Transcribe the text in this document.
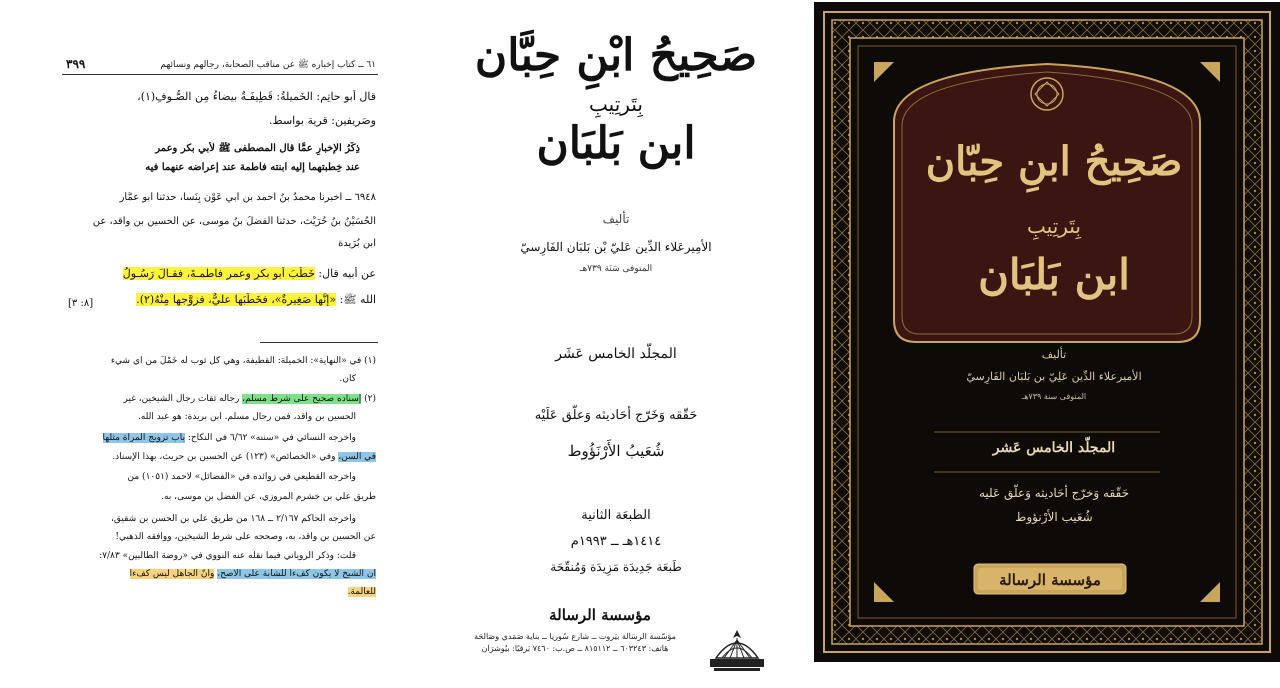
٦١ ــ كتاب إخباره ﷺ عن مناقب الصحابة، رجالهم ونسائهم
٣٩٩
قال أبو حاتِم: الخَميلةُ: قَطِيفَـةٌ بيضاءُ مِن الصُّـوفِ(١)،
وصَرِيفين: قرية بواسط.
ذِكْرُ الإخبارِ عمَّا قال المصطفى ﷺ لأبي بكر وعمر
عند خِطْبتهما إليه ابنته فاطمة عند إعراضه عنهما فيه
٦٩٤٨ ــ أخبرنا محمدُ بنُ أحمد بن أبي عَوْن بِنَسا، حدثنا أبو عمَّار
الحُسَيْنُ بنُ حُرَيْث، حدثنا الفضلُ بنُ موسى، عن الحسين بن واقد، عن
ابن بُرَيدة
عن أبيه قال: خَطَبَ أبو بكرٍ وعمر فاطمـةَ، فقـالَ رَسُـولُ
الله ﷺ: «إنَّها صَغِيرةٌ»، فخَطَبَها عليٌّ، فزوَّجها مِنْهُ(٢).
[٨: ٣]
(١) في «النهاية»: الخميلة: القطيفة، وهي كل ثوب له خَمْلٌ من أي شيء
كان.
(٢) إسناده صحيح على شرط مسلم، رجاله ثقات رجال الشيخين، غير
الحسين بن واقد، فمن رجال مسلم. ابن بريدة: هو عبد الله.
وأخرجه النسائي في «سننه» ٦/٦٢ في النكاح: باب تزويج المرأة مثلها
في السن، وفي «الخصائص» (١٢٣) عن الحسين بن حريث، بهذا الإسناد.
وأخرجه القطيعي في زوائده في «الفضائل» لأحمد (١٠٥١) من
طريق علي بن خشرم المروزي، عن الفضل بن موسى، به.
وأخرجه الحاكم ٢/١٦٧ ــ ١٦٨ من طريق علي بن الحسن بن شقيق،
عن الحسين بن واقد، به، وصححه على شرط الشيخين، ووافقه الذهبي!
قلت: وذكر الروياني فيما نقله عنه النووي في «روضة الطالبين» ٧/٨٣:
أن الشيخ لا يكون كفءاً للشابة على الأصح، وأنَّ الجاهل ليس كفءاً
للعالمة.
صَحِيحُ ابْنِ حِبَّان
بِتَرتِيبِ
ابن بَلبَان
تأليف
الأمِيرعَلاء الدِّين عَليّ بْن بَلبَان الفَارِسيّ
المتوفى سَنَة ٧٣٩هـ
المجلّد الخامس عَشَر
حَقّقه وَخَرّج أحَاديثه وَعلّق عَلَيْه
شُعَيبُ الأَرْنَؤُوط
الطبعَة الثانية
١٤١٤هـ ــ ١٩٩٣م
طَبعَة جَدِيدَة مَزِيدَة وَمُنقّحَة
مؤسسة الرسالة
مؤسّسة الرسَالة بيَروت ــ شارع سُوريا ــ بناية صَمَدي وصَالحَة
هَاتف: ٦٠٣٢٤٣ ــ ٨١٥١١٢ ــ ص.ب: ٧٤٦٠ بَرقيًا: بيُوشرَان
صَحِيحُ ابنِ حِبّان
بِتَرتِيبِ
ابن بَلبَان
تأليف
الأميرعلاء الدِّين عَلِيّ بن بَلبَان الفَارِسيّ
المتوفى سنة ٧٣٩هـ
المجلّد الخامس عَشر
حَقّقه وَخرّج أحَاديثه وَعلّق عَليه
شُعَيب الأرْنؤوط
مؤسسة الرسالة
